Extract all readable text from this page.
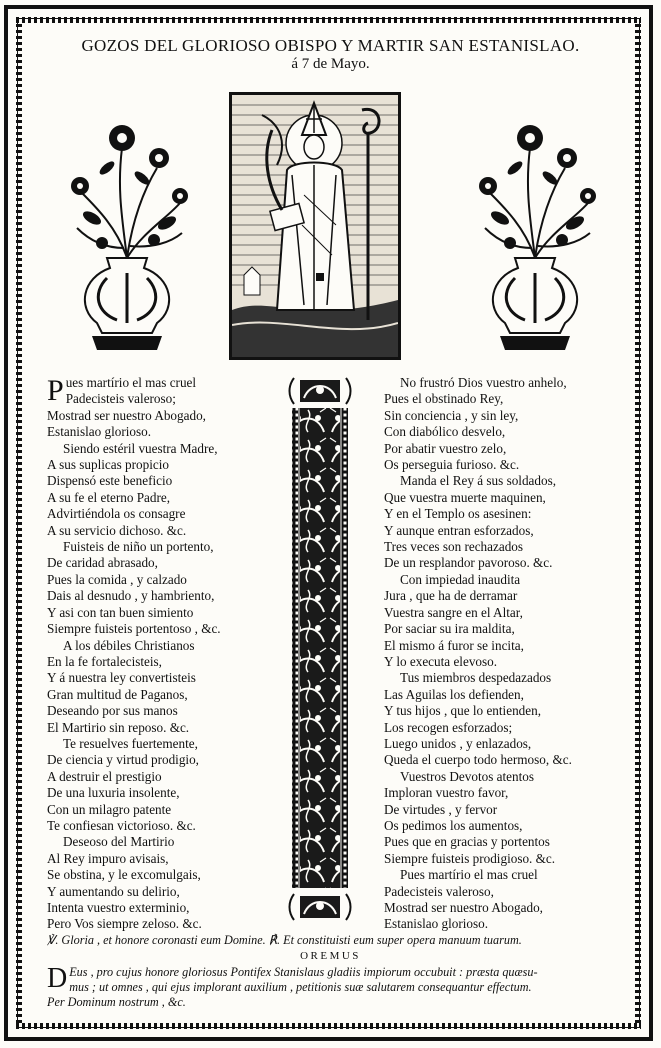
GOZOS DEL GLORIOSO OBISPO Y MARTIR SAN ESTANISLAO.
á 7 de Mayo.
P ues martírio el mas cruel
Padecisteis valeroso;
Mostrad ser nuestro Abogado,
Estanislao glorioso.
Siendo estéril vuestra Madre,
A sus suplicas propicio
Dispensó este beneficio
A su fe el eterno Padre,
Advirtiéndola os consagre
A su servicio dichoso. &c.
Fuisteis de niño un portento,
De caridad abrasado,
Pues la comida , y calzado
Dais al desnudo , y hambriento,
Y asi con tan buen simiento
Siempre fuisteis portentoso , &c.
A los débiles Christianos
En la fe fortalecisteis,
Y á nuestra ley convertisteis
Gran multitud de Paganos,
Deseando por sus manos
El Martirio sin reposo. &c.
Te resuelves fuertemente,
De ciencia y virtud prodigio,
A destruir el prestigio
De una luxuria insolente,
Con un milagro patente
Te confiesan victorioso. &c.
Deseoso del Martirio
Al Rey impuro avisais,
Se obstina, y le excomulgais,
Y aumentando su delirio,
Intenta vuestro exterminio,
Pero Vos siempre zeloso. &c.
No frustró Dios vuestro anhelo,
Pues el obstinado Rey,
Sin conciencia , y sin ley,
Con diabólico desvelo,
Por abatir vuestro zelo,
Os perseguia furioso. &c.
Manda el Rey á sus soldados,
Que vuestra muerte maquinen,
Y en el Templo os asesinen:
Y aunque entran esforzados,
Tres veces son rechazados
De un resplandor pavoroso. &c.
Con impiedad inaudita
Jura , que ha de derramar
Vuestra sangre en el Altar,
Por saciar su ira maldita,
El mismo á furor se incita,
Y lo executa elevoso.
Tus miembros despedazados
Las Aguilas los defienden,
Y tus hijos , que lo entienden,
Los recogen esforzados;
Luego unidos , y enlazados,
Queda el cuerpo todo hermoso, &c.
Vuestros Devotos atentos
Imploran vuestro favor,
De virtudes , y fervor
Os pedimos los aumentos,
Pues que en gracias y portentos
Siempre fuisteis prodigioso. &c.
Pues martírio el mas cruel
Padecisteis valeroso,
Mostrad ser nuestro Abogado,
Estanislao glorioso.
℣. Gloria , et honore coronasti eum Domine. ℟. Et constituisti eum super opera manuum tuarum.
OREMUS
D Eus , pro cujus honore gloriosus Pontifex Stanislaus gladiis impiorum occubuit : præsta quæsu-
mus ; ut omnes , qui ejus implorant auxilium , petitionis suæ salutarem consequantur effectum.
Per Dominum nostrum , &c.
